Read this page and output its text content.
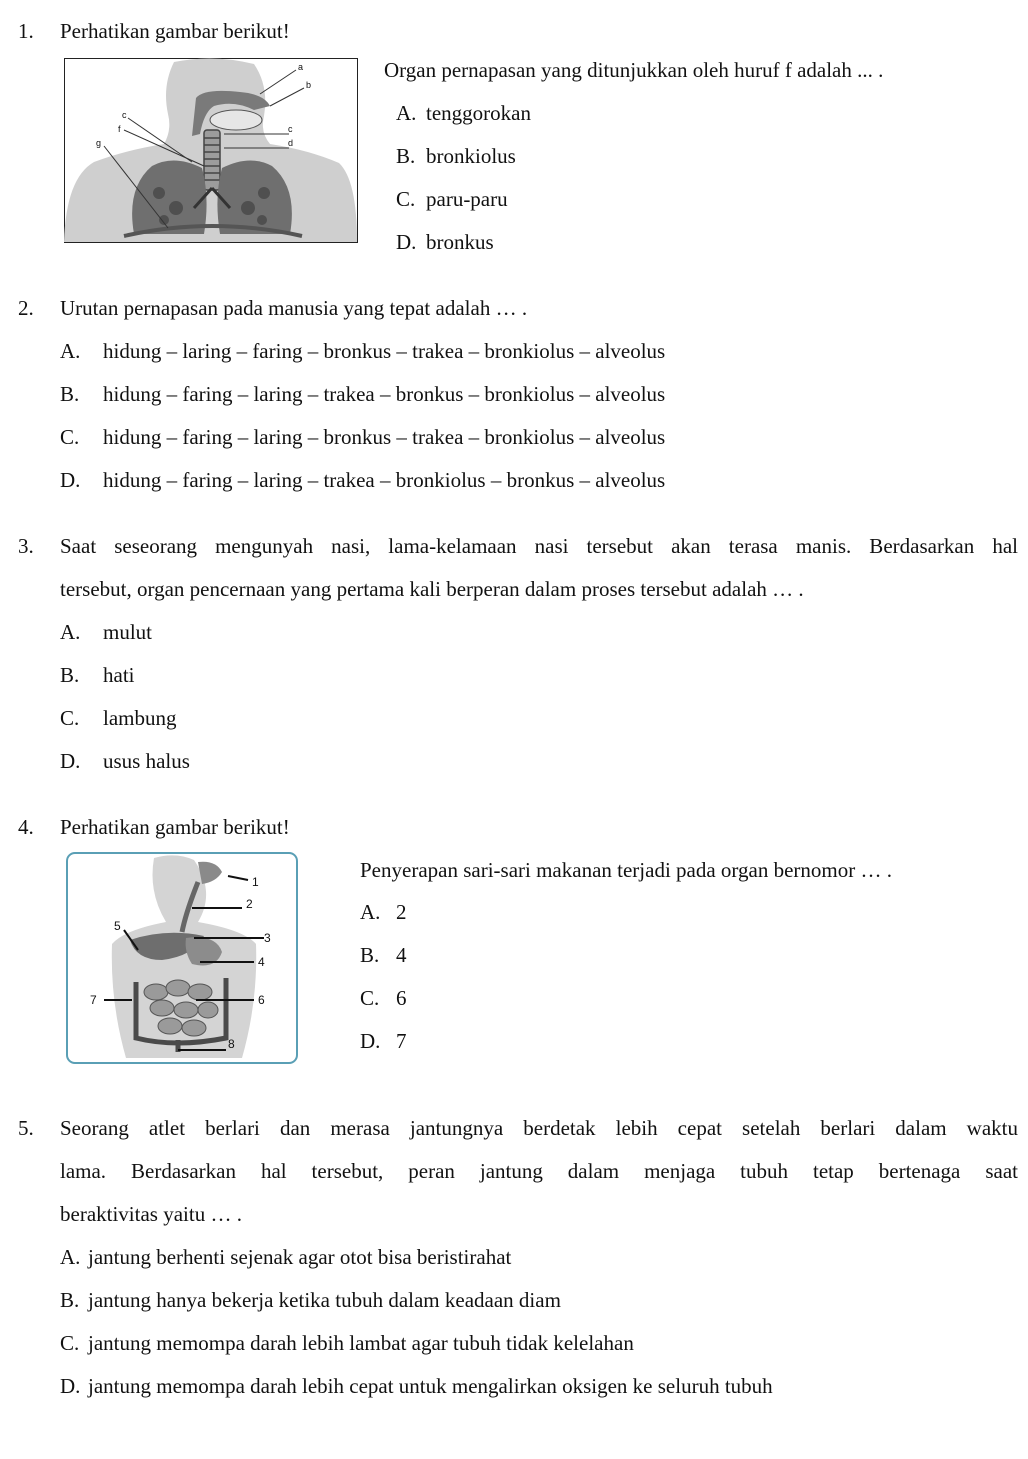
1. Perhatikan gambar berikut!
a
b
c
f
g
c
d
Organ pernapasan yang ditunjukkan oleh huruf f adalah ... .
A. tenggorokan
B. bronkiolus
C. paru-paru
D. bronkus
2. Urutan pernapasan pada manusia yang tepat adalah … .
A. hidung – laring – faring – bronkus – trakea – bronkiolus – alveolus
B. hidung – faring – laring – trakea – bronkus – bronkiolus – alveolus
C. hidung – faring – laring – bronkus – trakea – bronkiolus – alveolus
D. hidung – faring – laring – trakea – bronkiolus – bronkus – alveolus
3. Saat seseorang mengunyah nasi, lama-kelamaan nasi tersebut akan terasa manis. Berdasarkan hal
tersebut, organ pencernaan yang pertama kali berperan dalam proses tersebut adalah … .
A. mulut
B. hati
C. lambung
D. usus halus
4. Perhatikan gambar berikut!
1
2
5
3
4
7	6
8
Penyerapan sari-sari makanan terjadi pada organ bernomor … .
A. 2
B. 4
C. 6
D. 7
5. Seorang atlet berlari dan merasa jantungnya berdetak lebih cepat setelah berlari dalam waktu
lama. Berdasarkan hal tersebut, peran jantung dalam menjaga tubuh tetap bertenaga saat
beraktivitas yaitu … .
A. jantung berhenti sejenak agar otot bisa beristirahat
B. jantung hanya bekerja ketika tubuh dalam keadaan diam
C. jantung memompa darah lebih lambat agar tubuh tidak kelelahan
D. jantung memompa darah lebih cepat untuk mengalirkan oksigen ke seluruh tubuh
